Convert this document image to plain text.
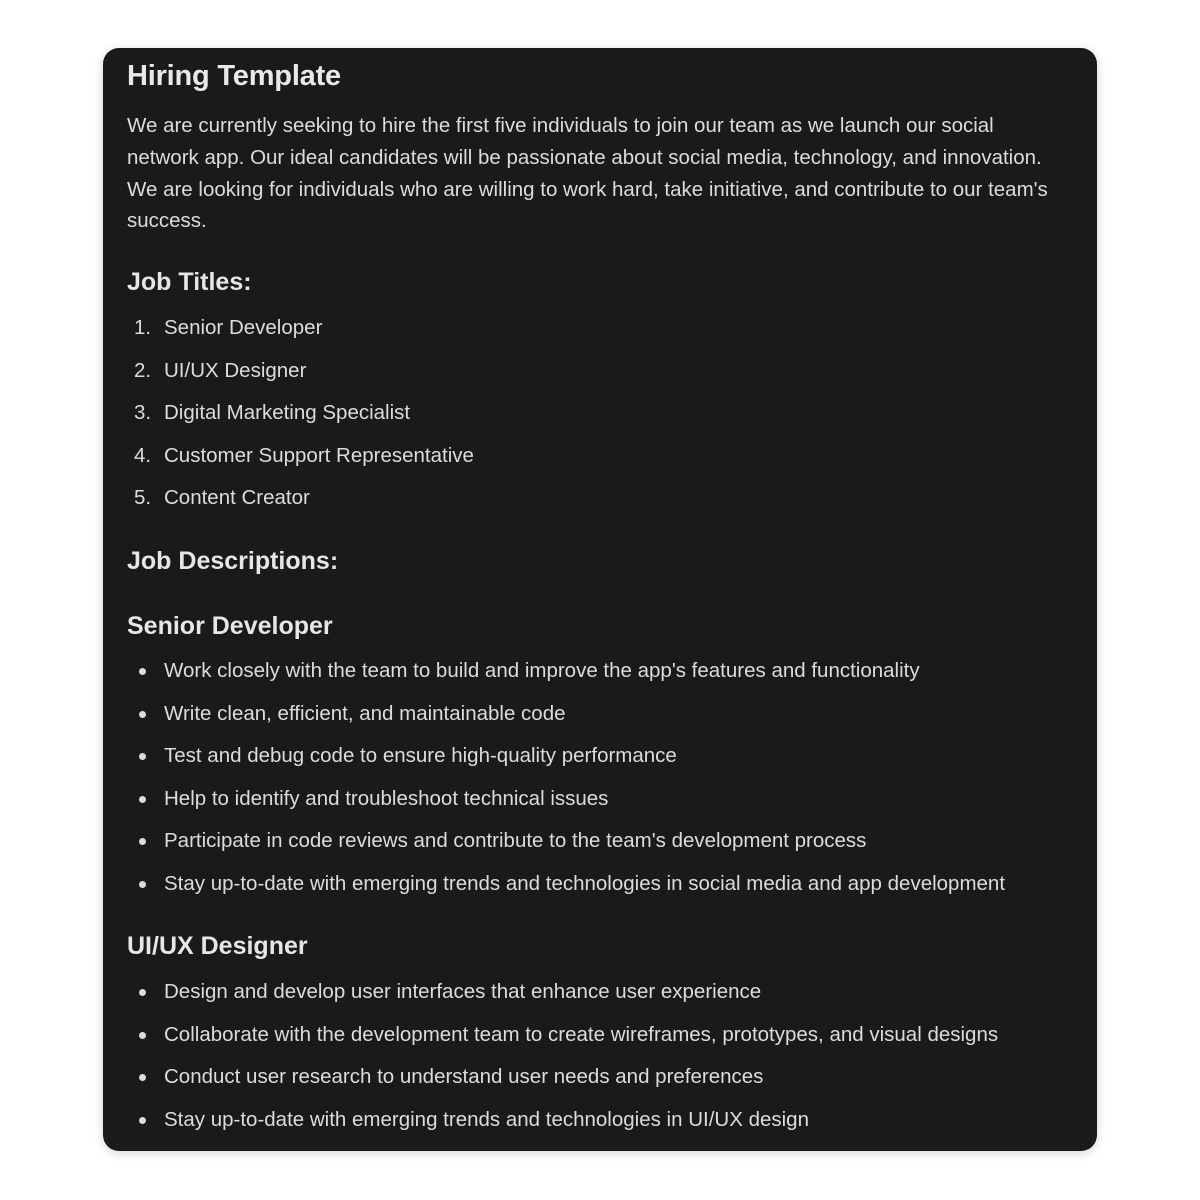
Hiring Template

We are currently seeking to hire the first five individuals to join our team as we launch our social network app. Our ideal candidates will be passionate about social media, technology, and innovation. We are looking for individuals who are willing to work hard, take initiative, and contribute to our team's success.

Job Titles:
1. Senior Developer
2. UI/UX Designer
3. Digital Marketing Specialist
4. Customer Support Representative
5. Content Creator
Job Descriptions:
Senior Developer
Work closely with the team to build and improve the app's features and functionality
Write clean, efficient, and maintainable code
Test and debug code to ensure high-quality performance
Help to identify and troubleshoot technical issues
Participate in code reviews and contribute to the team's development process
Stay up-to-date with emerging trends and technologies in social media and app development
UI/UX Designer
Design and develop user interfaces that enhance user experience
Collaborate with the development team to create wireframes, prototypes, and visual designs
Conduct user research to understand user needs and preferences
Stay up-to-date with emerging trends and technologies in UI/UX design
